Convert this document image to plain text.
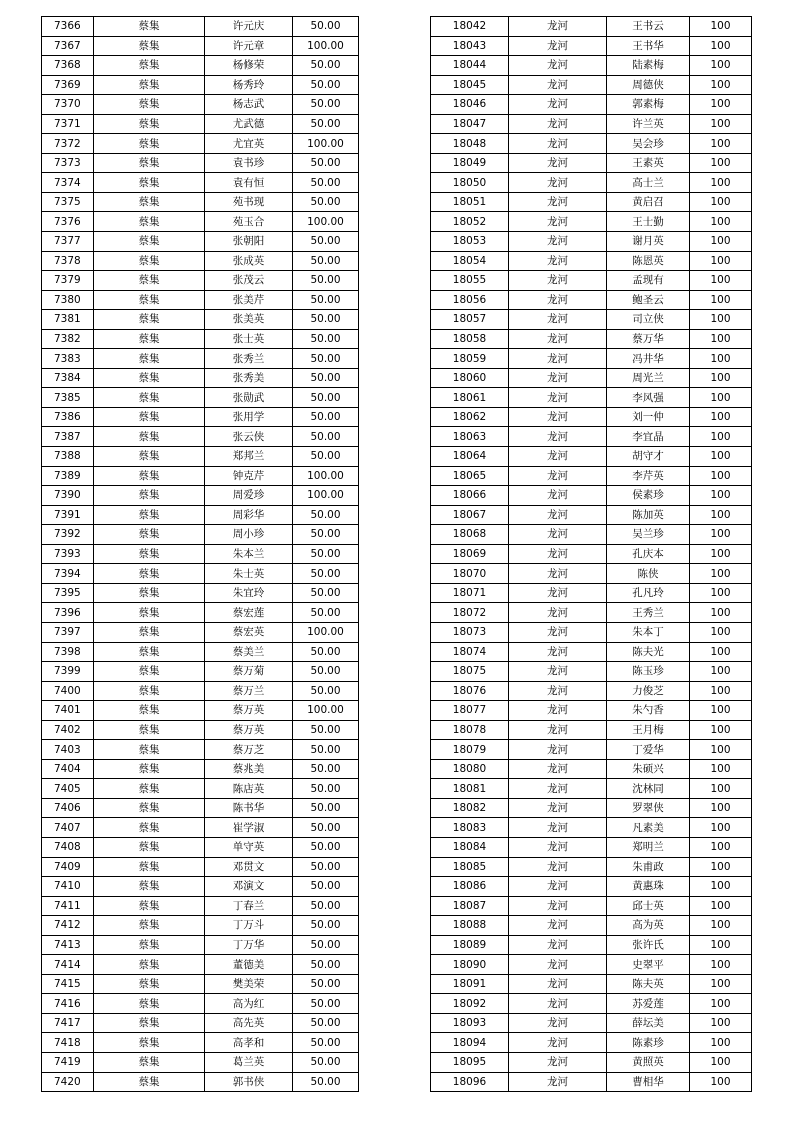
7366	蔡集	许元庆	50.00
7367	蔡集	许元章	100.00
7368	蔡集	杨修荣	50.00
7369	蔡集	杨秀玲	50.00
7370	蔡集	杨志武	50.00
7371	蔡集	尤武德	50.00
7372	蔡集	尤宜英	100.00
7373	蔡集	袁书珍	50.00
7374	蔡集	袁有恒	50.00
7375	蔡集	苑书现	50.00
7376	蔡集	苑玉合	100.00
7377	蔡集	张朝阳	50.00
7378	蔡集	张成英	50.00
7379	蔡集	张茂云	50.00
7380	蔡集	张美芹	50.00
7381	蔡集	张美英	50.00
7382	蔡集	张士英	50.00
7383	蔡集	张秀兰	50.00
7384	蔡集	张秀美	50.00
7385	蔡集	张勋武	50.00
7386	蔡集	张用学	50.00
7387	蔡集	张云侠	50.00
7388	蔡集	郑邦兰	50.00
7389	蔡集	钟克芹	100.00
7390	蔡集	周爱珍	100.00
7391	蔡集	周彩华	50.00
7392	蔡集	周小珍	50.00
7393	蔡集	朱本兰	50.00
7394	蔡集	朱士英	50.00
7395	蔡集	朱宜玲	50.00
7396	蔡集	蔡宏莲	50.00
7397	蔡集	蔡宏英	100.00
7398	蔡集	蔡美兰	50.00
7399	蔡集	蔡万菊	50.00
7400	蔡集	蔡万兰	50.00
7401	蔡集	蔡万英	100.00
7402	蔡集	蔡万英	50.00
7403	蔡集	蔡万芝	50.00
7404	蔡集	蔡兆美	50.00
7405	蔡集	陈店英	50.00
7406	蔡集	陈书华	50.00
7407	蔡集	崔学淑	50.00
7408	蔡集	单守英	50.00
7409	蔡集	邓贯文	50.00
7410	蔡集	邓演文	50.00
7411	蔡集	丁春兰	50.00
7412	蔡集	丁万斗	50.00
7413	蔡集	丁万华	50.00
7414	蔡集	董德美	50.00
7415	蔡集	樊美荣	50.00
7416	蔡集	高为红	50.00
7417	蔡集	高先英	50.00
7418	蔡集	高孝和	50.00
7419	蔡集	葛兰英	50.00
7420	蔡集	郭书侠	50.00
18042	龙河	王书云	100
18043	龙河	王书华	100
18044	龙河	陆素梅	100
18045	龙河	周德侠	100
18046	龙河	郭素梅	100
18047	龙河	许兰英	100
18048	龙河	吴会珍	100
18049	龙河	王素英	100
18050	龙河	高士兰	100
18051	龙河	黄启召	100
18052	龙河	王士勤	100
18053	龙河	谢月英	100
18054	龙河	陈恩英	100
18055	龙河	孟现有	100
18056	龙河	鲍圣云	100
18057	龙河	司立侠	100
18058	龙河	蔡万华	100
18059	龙河	冯井华	100
18060	龙河	周光兰	100
18061	龙河	李风强	100
18062	龙河	刘一仲	100
18063	龙河	李宜晶	100
18064	龙河	胡守才	100
18065	龙河	李芹英	100
18066	龙河	侯素珍	100
18067	龙河	陈加英	100
18068	龙河	吴兰珍	100
18069	龙河	孔庆本	100
18070	龙河	陈侠	100
18071	龙河	孔凡玲	100
18072	龙河	王秀兰	100
18073	龙河	朱本丁	100
18074	龙河	陈夫光	100
18075	龙河	陈玉珍	100
18076	龙河	力俊芝	100
18077	龙河	朱勺香	100
18078	龙河	王月梅	100
18079	龙河	丁爱华	100
18080	龙河	朱硕兴	100
18081	龙河	沈林同	100
18082	龙河	罗翠侠	100
18083	龙河	凡素美	100
18084	龙河	郑明兰	100
18085	龙河	朱甫政	100
18086	龙河	黄惠珠	100
18087	龙河	邱士英	100
18088	龙河	高为英	100
18089	龙河	张许氏	100
18090	龙河	史翠平	100
18091	龙河	陈夫英	100
18092	龙河	苏爱莲	100
18093	龙河	薛坛美	100
18094	龙河	陈素珍	100
18095	龙河	黄照英	100
18096	龙河	曹相华	100
